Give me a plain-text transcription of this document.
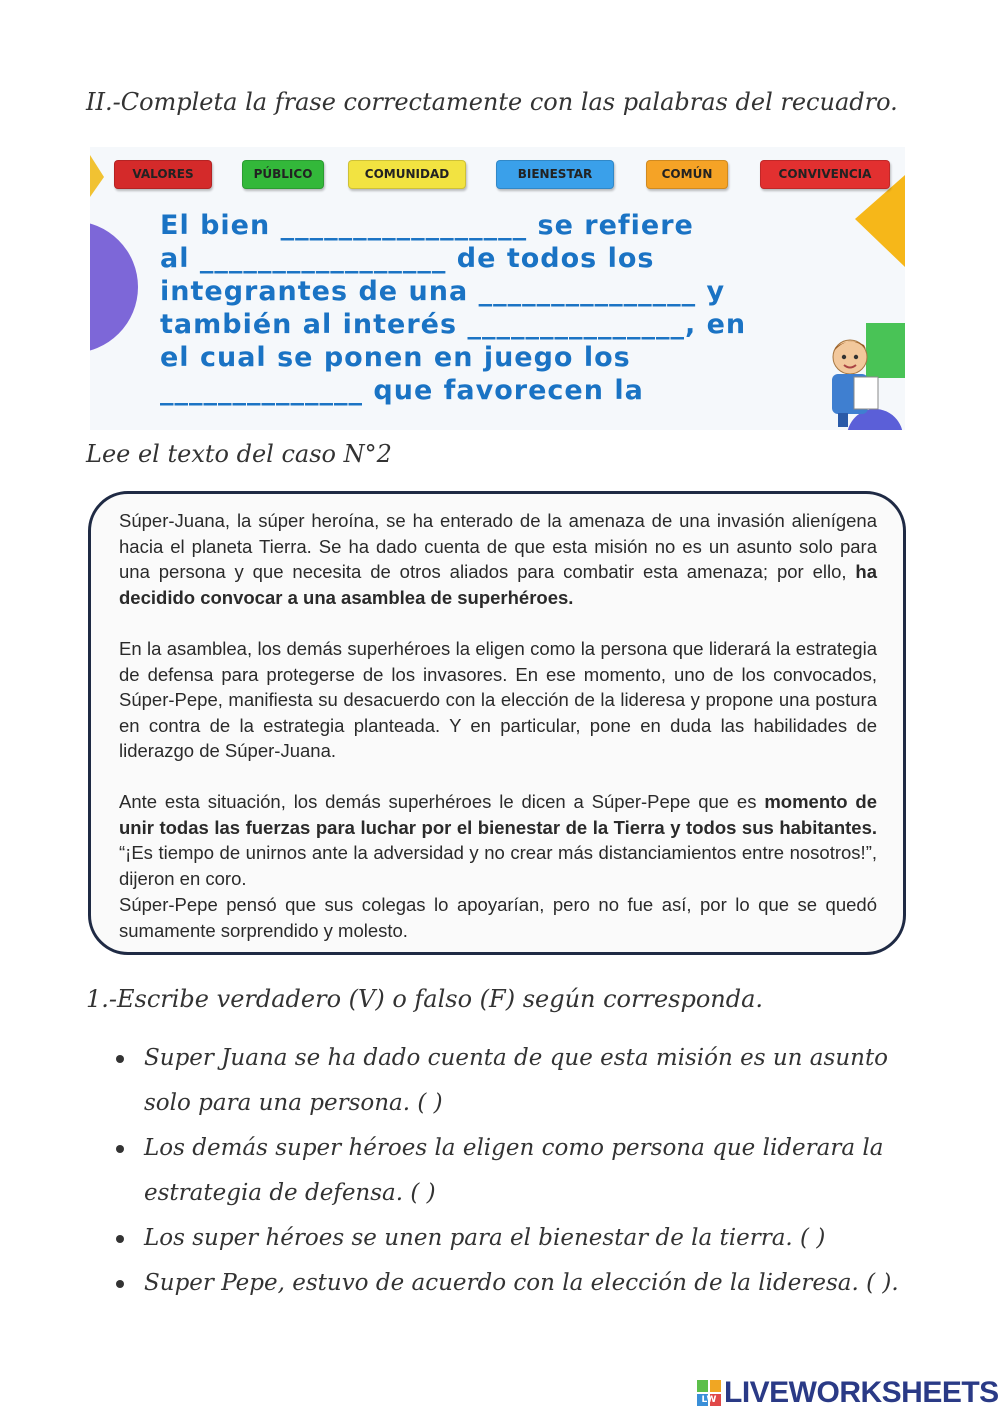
II.-Completa la frase correctamente con las palabras del recuadro.
VALORES	PÚBLICO	COMUNIDAD	BIENESTAR	COMÚN	CONVIVENCIA
El bien _________________ se refiere
al _________________ de todos los
integrantes de una _______________ y
también al interés _______________, en
el cual se ponen en juego los
______________ que favorecen la
Lee el texto del caso N°2

Súper-Juana, la súper heroína, se ha enterado de la amenaza de una invasión alienígena hacia el planeta Tierra. Se ha dado cuenta de que esta misión no es un asunto solo para una persona y que necesita de otros aliados para combatir esta amenaza; por ello, ha decidido convocar a una asamblea de superhéroes.

En la asamblea, los demás superhéroes la eligen como la persona que liderará la estrategia de defensa para protegerse de los invasores. En ese momento, uno de los convocados, Súper-Pepe, manifiesta su desacuerdo con la elección de la lideresa y propone una postura en contra de la estrategia planteada. Y en particular, pone en duda las habilidades de liderazgo de Súper-Juana.

Ante esta situación, los demás superhéroes le dicen a Súper-Pepe que es momento de unir todas las fuerzas para luchar por el bienestar de la Tierra y todos sus habitantes. “¡Es tiempo de unirnos ante la adversidad y no crear más distanciamientos entre nosotros!”, dijeron en coro.

Súper-Pepe pensó que sus colegas lo apoyarían, pero no fue así, por lo que se quedó sumamente sorprendido y molesto.

1.-Escribe verdadero (V) o falso (F) según corresponda.
Super Juana se ha dado cuenta de que esta misión es un asunto solo para una persona. ( )
Los demás super héroes la eligen como persona que liderara la estrategia de defensa. ( )
Los super héroes se unen para el bienestar de la tierra. ( )
Super Pepe, estuvo de acuerdo con la elección de la lideresa. ( ).
LW LIVEWORKSHEETS
